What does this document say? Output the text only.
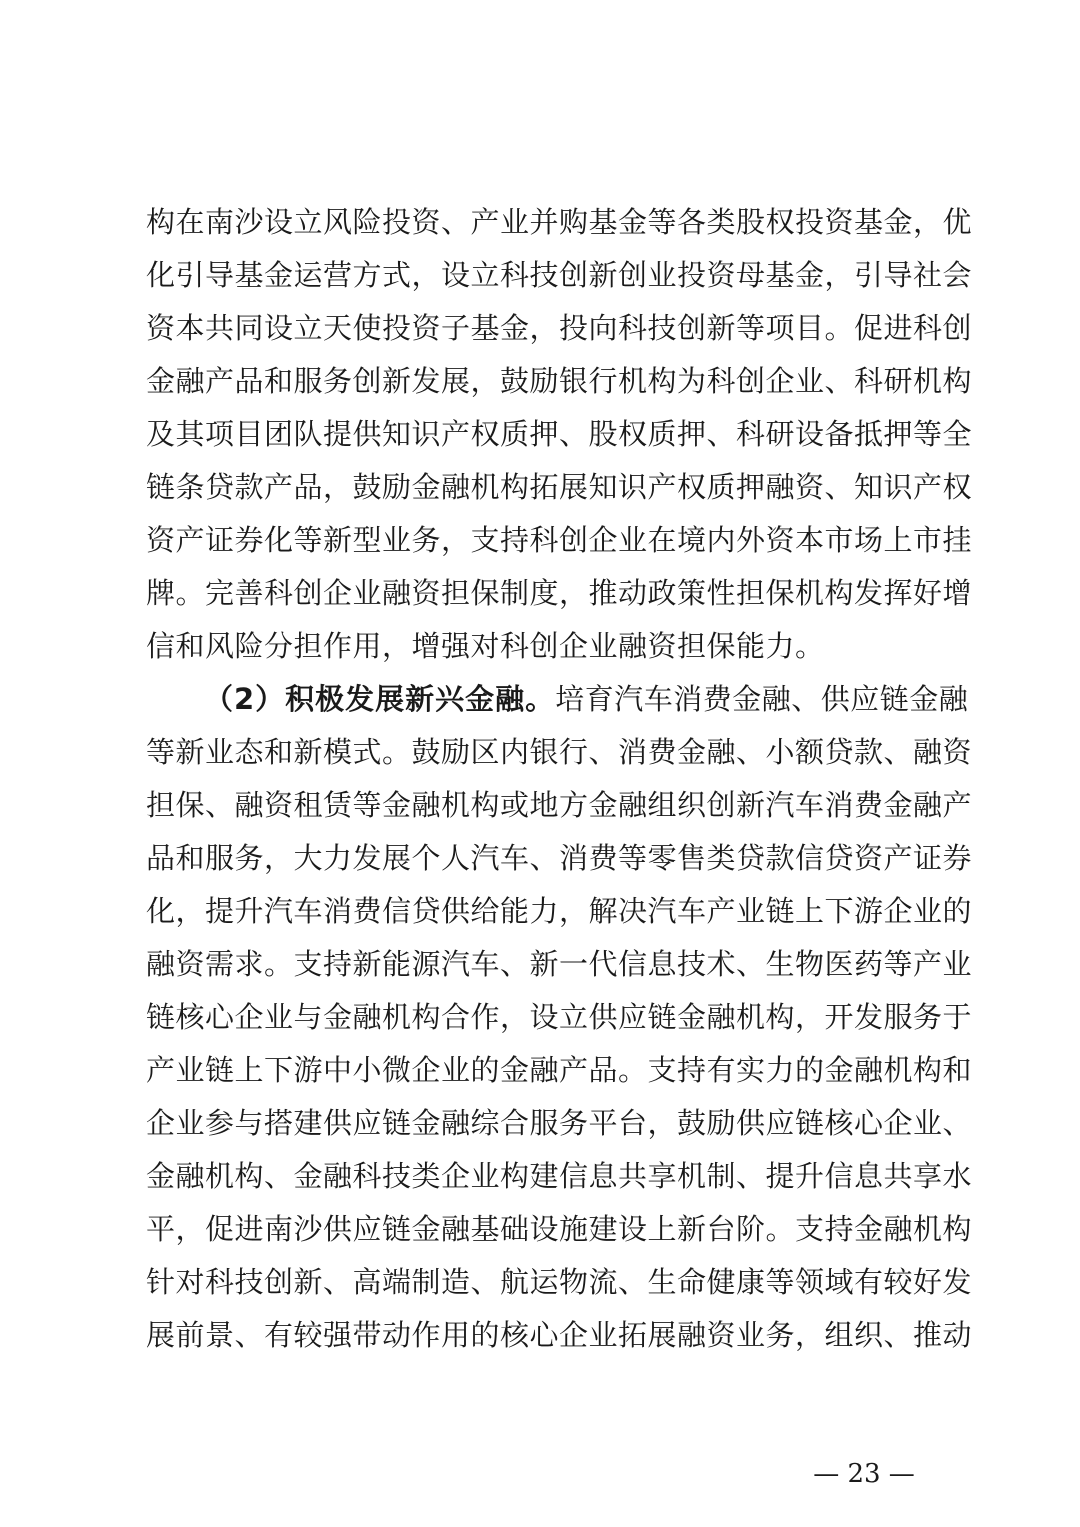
构在南沙设立风险投资、产业并购基金等各类股权投资基金，优
化引导基金运营方式，设立科技创新创业投资母基金，引导社会
资本共同设立天使投资子基金，投向科技创新等项目。促进科创
金融产品和服务创新发展，鼓励银行机构为科创企业、科研机构
及其项目团队提供知识产权质押、股权质押、科研设备抵押等全
链条贷款产品，鼓励金融机构拓展知识产权质押融资、知识产权
资产证券化等新型业务，支持科创企业在境内外资本市场上市挂
牌。完善科创企业融资担保制度，推动政策性担保机构发挥好增
信和风险分担作用，增强对科创企业融资担保能力。
（2）积极发展新兴金融。培育汽车消费金融、供应链金融
等新业态和新模式。鼓励区内银行、消费金融、小额贷款、融资
担保、融资租赁等金融机构或地方金融组织创新汽车消费金融产
品和服务，大力发展个人汽车、消费等零售类贷款信贷资产证券
化，提升汽车消费信贷供给能力，解决汽车产业链上下游企业的
融资需求。支持新能源汽车、新一代信息技术、生物医药等产业
链核心企业与金融机构合作，设立供应链金融机构，开发服务于
产业链上下游中小微企业的金融产品。支持有实力的金融机构和
企业参与搭建供应链金融综合服务平台，鼓励供应链核心企业、
金融机构、金融科技类企业构建信息共享机制、提升信息共享水
平，促进南沙供应链金融基础设施建设上新台阶。支持金融机构
针对科技创新、高端制造、航运物流、生命健康等领域有较好发
展前景、有较强带动作用的核心企业拓展融资业务，组织、推动
— 23 —
